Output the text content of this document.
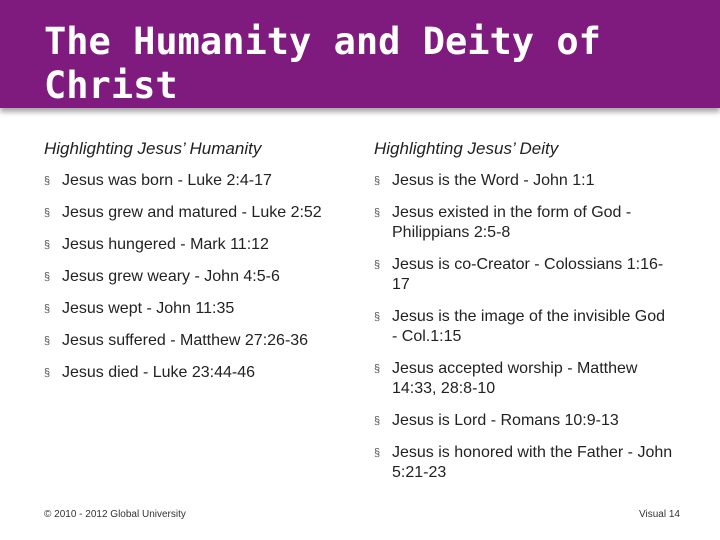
The Humanity and Deity of Christ
Highlighting Jesus’ Humanity
§ Jesus was born - Luke 2:4-17
§ Jesus grew and matured - Luke 2:52
§ Jesus hungered - Mark 11:12
§ Jesus grew weary - John 4:5-6
§ Jesus wept - John 11:35
§ Jesus suffered - Matthew 27:26-36
§ Jesus died - Luke 23:44-46
Highlighting Jesus’ Deity
§ Jesus is the Word - John 1:1
§ Jesus existed in the form of God - Philippians 2:5-8
§ Jesus is co-Creator - Colossians 1:16-17
§ Jesus is the image of the invisible God - Col.1:15
§ Jesus accepted worship - Matthew 14:33, 28:8-10
§ Jesus is Lord - Romans 10:9-13
§ Jesus is honored with the Father - John 5:21-23
© 2010 - 2012 Global University	Visual 14
